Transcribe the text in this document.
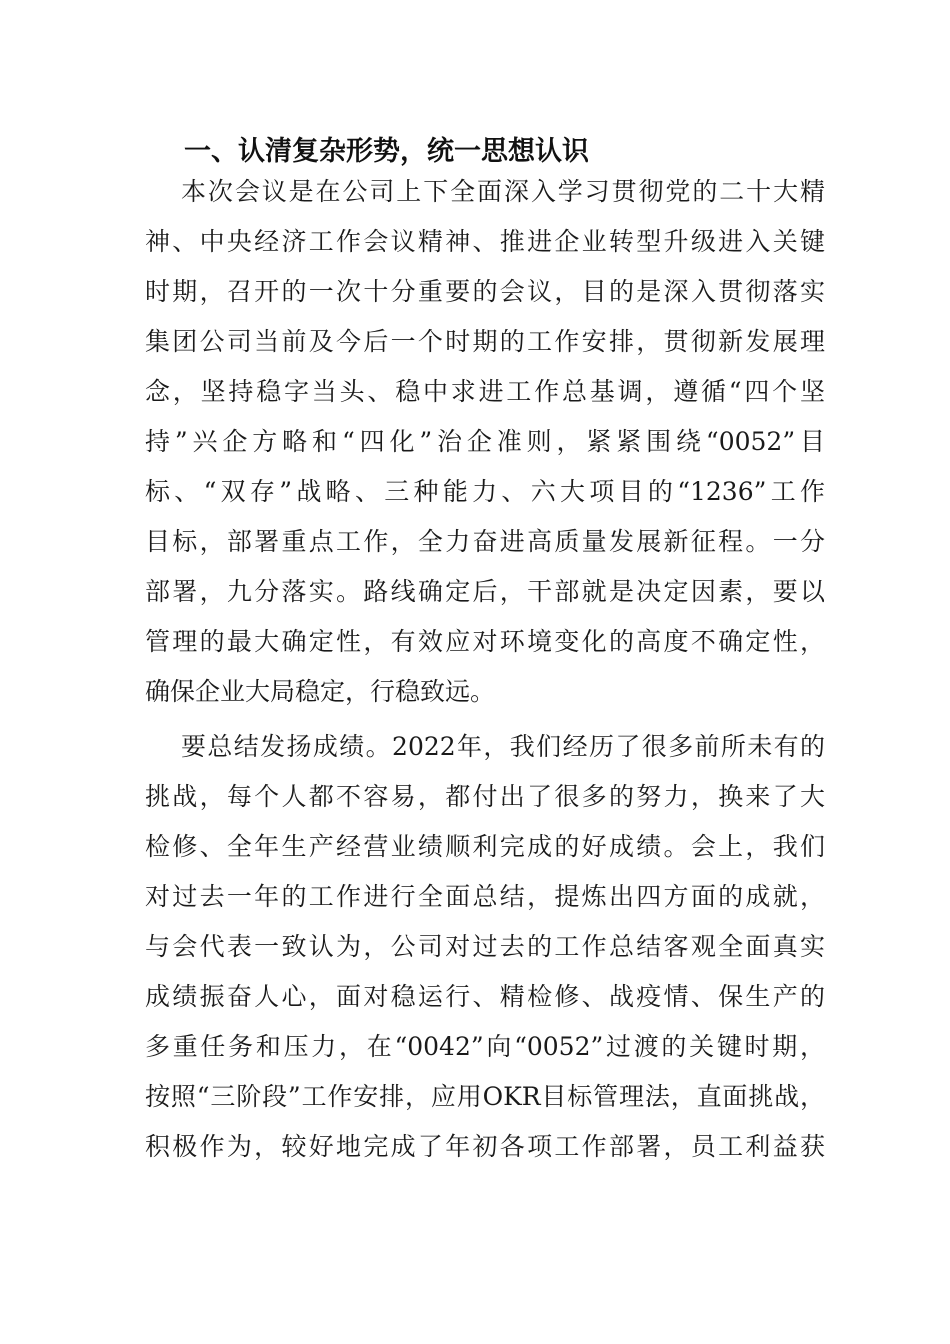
一、认清复杂形势，统一思想认识
本次会议是在公司上下全面深入学习贯彻党的二十大精
神、中央经济工作会议精神、推进企业转型升级进入关键
时期，召开的一次十分重要的会议，目的是深入贯彻落实
集团公司当前及今后一个时期的工作安排，贯彻新发展理
念，坚持稳字当头、稳中求进工作总基调，遵循“四个坚
持”兴企方略和“四化”治企准则，紧紧围绕“0052”目
标、“双存”战略、三种能力、六大项目的“1236”工作
目标，部署重点工作，全力奋进高质量发展新征程。一分
部署，九分落实。路线确定后，干部就是决定因素，要以
管理的最大确定性，有效应对环境变化的高度不确定性，
确保企业大局稳定，行稳致远。
要总结发扬成绩。2022年，我们经历了很多前所未有的
挑战，每个人都不容易，都付出了很多的努力，换来了大
检修、全年生产经营业绩顺利完成的好成绩。会上，我们
对过去一年的工作进行全面总结，提炼出四方面的成就，
与会代表一致认为，公司对过去的工作总结客观全面真实
成绩振奋人心，面对稳运行、精检修、战疫情、保生产的
多重任务和压力，在“0042”向“0052”过渡的关键时期，
按照“三阶段”工作安排，应用OKR目标管理法，直面挑战，
积极作为，较好地完成了年初各项工作部署，员工利益获
